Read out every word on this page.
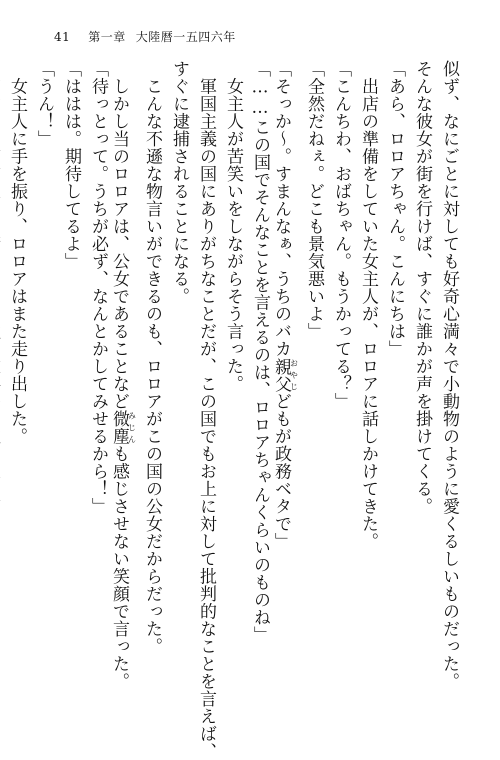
41 第一章 大陸暦一五四六年
似ず、なにごとに対しても好奇心満々で小動物のように愛くるしいものだった。
そんな彼女が街を行けば、すぐに誰かが声を掛けてくる。
「あら、ロロアちゃん。こんにちは」
　出店の準備をしていた女主人が、ロロアに話しかけてきた。
「こんちわ、おばちゃん。もうかってる？」
「全然だねぇ。どこも景気悪いよ」
「そっか〜。すまんなぁ、うちのバカ親父おやじどもが政務ベタで」
「……この国でそんなことを言えるのは、ロロアちゃんくらいのものね」
　女主人が苦笑いをしながらそう言った。
　軍国主義の国にありがちなことだが、この国でもお上に対して批判的なことを言えば、
すぐに逮捕されることになる。
　こんな不遜な物言いができるのも、ロロアがこの国の公女だからだった。
　しかし当のロロアは、公女であることなど微塵みじんも感じさせない笑顔で言った。
「待っとって。うちが必ず、なんとかしてみせるから！」
「ははは。期待してるよ」
「うん！」
　女主人に手を振り、ロロアはまた走り出した。
